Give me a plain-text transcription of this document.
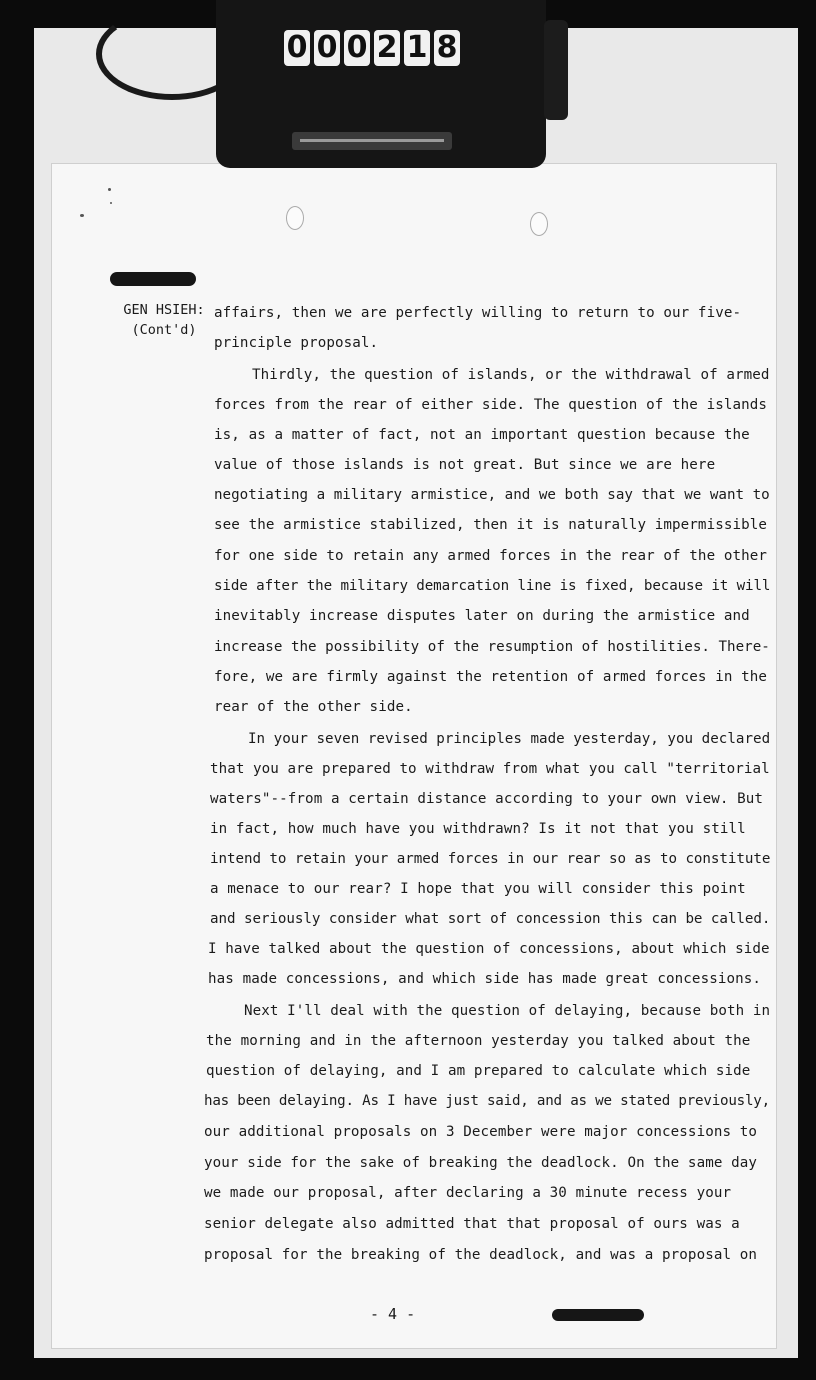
0 0 0 2 1 8
GEN HSIEH:
(Cont'd)
affairs, then we are perfectly willing to return to our five-
principle proposal.
Thirdly, the question of islands, or the withdrawal of armed
forces from the rear of either side. The question of the islands
is, as a matter of fact, not an important question because the
value of those islands is not great. But since we are here
negotiating a military armistice, and we both say that we want to
see the armistice stabilized, then it is naturally impermissible
for one side to retain any armed forces in the rear of the other
side after the military demarcation line is fixed, because it will
inevitably increase disputes later on during the armistice and
increase the possibility of the resumption of hostilities. There-
fore, we are firmly against the retention of armed forces in the
rear of the other side.
In your seven revised principles made yesterday, you declared
that you are prepared to withdraw from what you call "territorial
waters"--from a certain distance according to your own view. But
in fact, how much have you withdrawn? Is it not that you still
intend to retain your armed forces in our rear so as to constitute
a menace to our rear? I hope that you will consider this point
and seriously consider what sort of concession this can be called.
I have talked about the question of concessions, about which side
has made concessions, and which side has made great concessions.
Next I'll deal with the question of delaying, because both in
the morning and in the afternoon yesterday you talked about the
question of delaying, and I am prepared to calculate which side
has been delaying. As I have just said, and as we stated previously,
our additional proposals on 3 December were major concessions to
your side for the sake of breaking the deadlock. On the same day
we made our proposal, after declaring a 30 minute recess your
senior delegate also admitted that that proposal of ours was a
proposal for the breaking of the deadlock, and was a proposal on
- 4 -
